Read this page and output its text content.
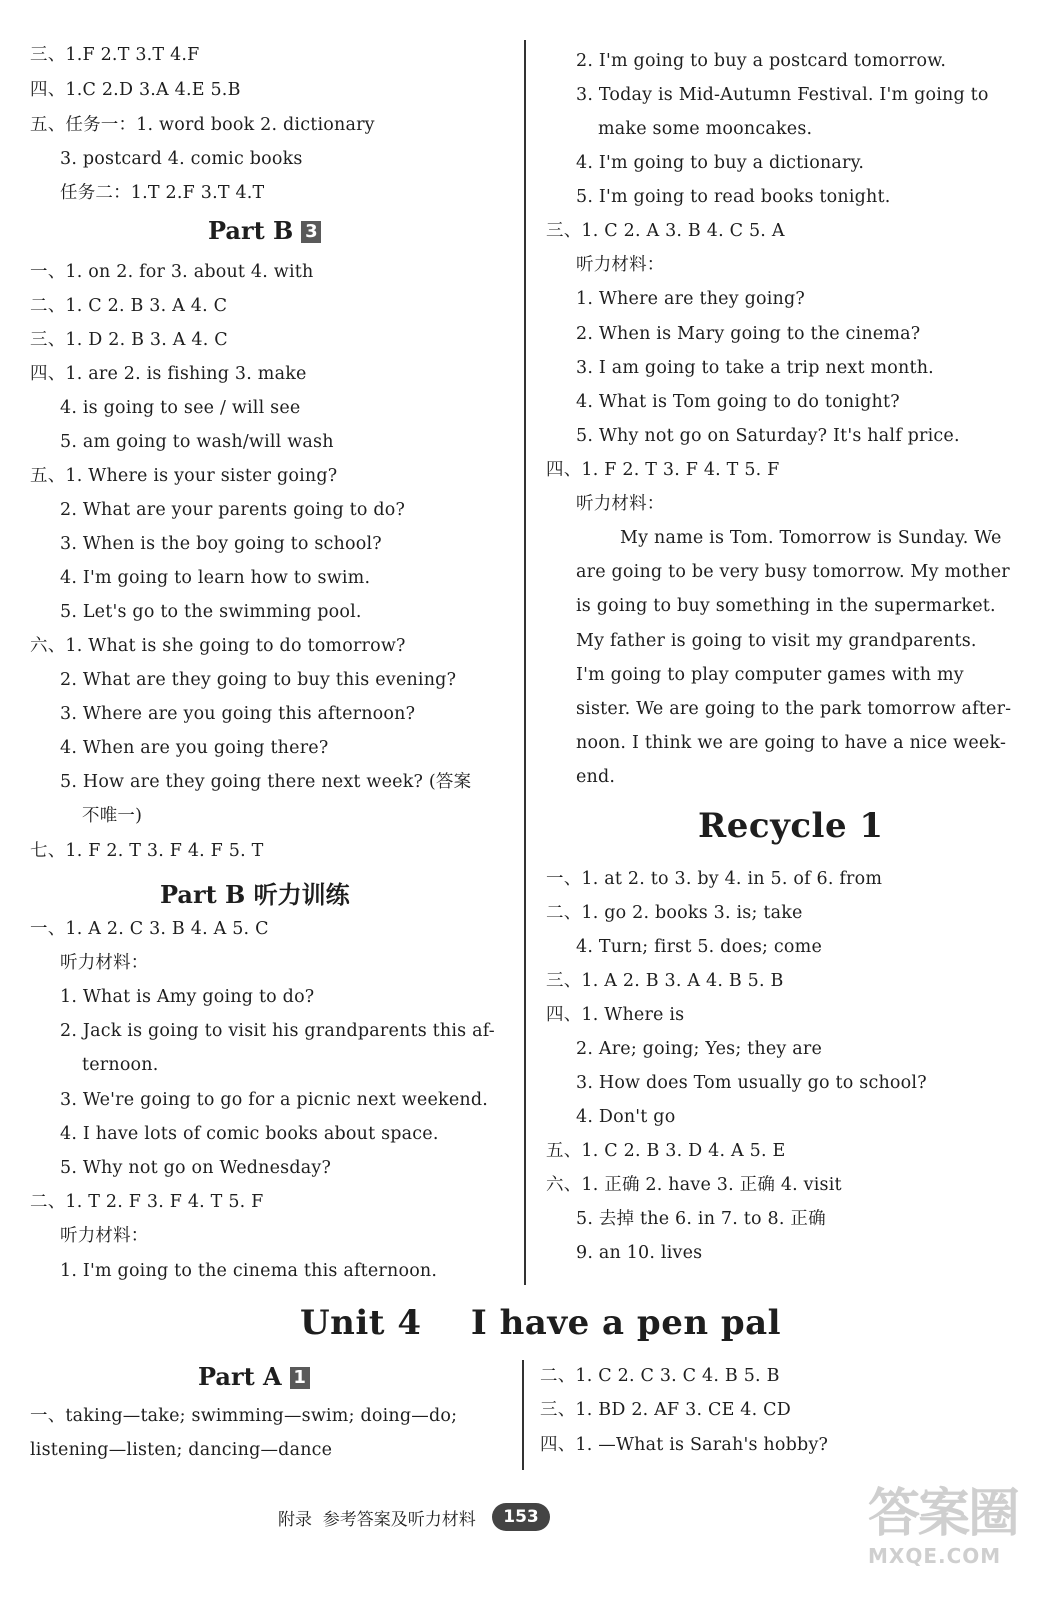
三、1.F 2.T 3.T 4.F
四、1.C 2.D 3.A 4.E 5.B
五、任务一：1. word book 2. dictionary
3. postcard 4. comic books
任务二：1.T 2.F 3.T 4.T
Part B 3
一、1. on 2. for 3. about 4. with
二、1. C 2. B 3. A 4. C
三、1. D 2. B 3. A 4. C
四、1. are 2. is fishing 3. make
4. is going to see / will see
5. am going to wash/will wash
五、1. Where is your sister going?
2. What are your parents going to do?
3. When is the boy going to school?
4. I'm going to learn how to swim.
5. Let's go to the swimming pool.
六、1. What is she going to do tomorrow?
2. What are they going to buy this evening?
3. Where are you going this afternoon?
4. When are you going there?
5. How are they going there next week? (答案
不唯一)
七、1. F 2. T 3. F 4. F 5. T
Part B 听力训练
一、1. A 2. C 3. B 4. A 5. C
听力材料：
1. What is Amy going to do?
2. Jack is going to visit his grandparents this af-
ternoon.
3. We're going to go for a picnic next weekend.
4. I have lots of comic books about space.
5. Why not go on Wednesday?
二、1. T 2. F 3. F 4. T 5. F
听力材料：
1. I'm going to the cinema this afternoon.
2. I'm going to buy a postcard tomorrow.
3. Today is Mid-Autumn Festival. I'm going to
make some mooncakes.
4. I'm going to buy a dictionary.
5. I'm going to read books tonight.
三、1. C 2. A 3. B 4. C 5. A
听力材料：
1. Where are they going?
2. When is Mary going to the cinema?
3. I am going to take a trip next month.
4. What is Tom going to do tonight?
5. Why not go on Saturday? It's half price.
四、1. F 2. T 3. F 4. T 5. F
听力材料：
My name is Tom. Tomorrow is Sunday. We
are going to be very busy tomorrow. My mother
is going to buy something in the supermarket.
My father is going to visit my grandparents.
I'm going to play computer games with my
sister. We are going to the park tomorrow after-
noon. I think we are going to have a nice week-
end.
Recycle 1
一、1. at 2. to 3. by 4. in 5. of 6. from
二、1. go 2. books 3. is; take
4. Turn; first 5. does; come
三、1. A 2. B 3. A 4. B 5. B
四、1. Where is
2. Are; going; Yes; they are
3. How does Tom usually go to school?
4. Don't go
五、1. C 2. B 3. D 4. A 5. E
六、1. 正确 2. have 3. 正确 4. visit
5. 去掉 the 6. in 7. to 8. 正确
9. an 10. lives
Unit 4    I have a pen pal
Part A 1
一、taking—take; swimming—swim; doing—do;
listening—listen; dancing—dance
二、1. C 2. C 3. C 4. B 5. B
三、1. BD 2. AF 3. CE 4. CD
四、1. —What is Sarah's hobby?
附录  参考答案及听力材料	153	答案圈
MXQE.COM
